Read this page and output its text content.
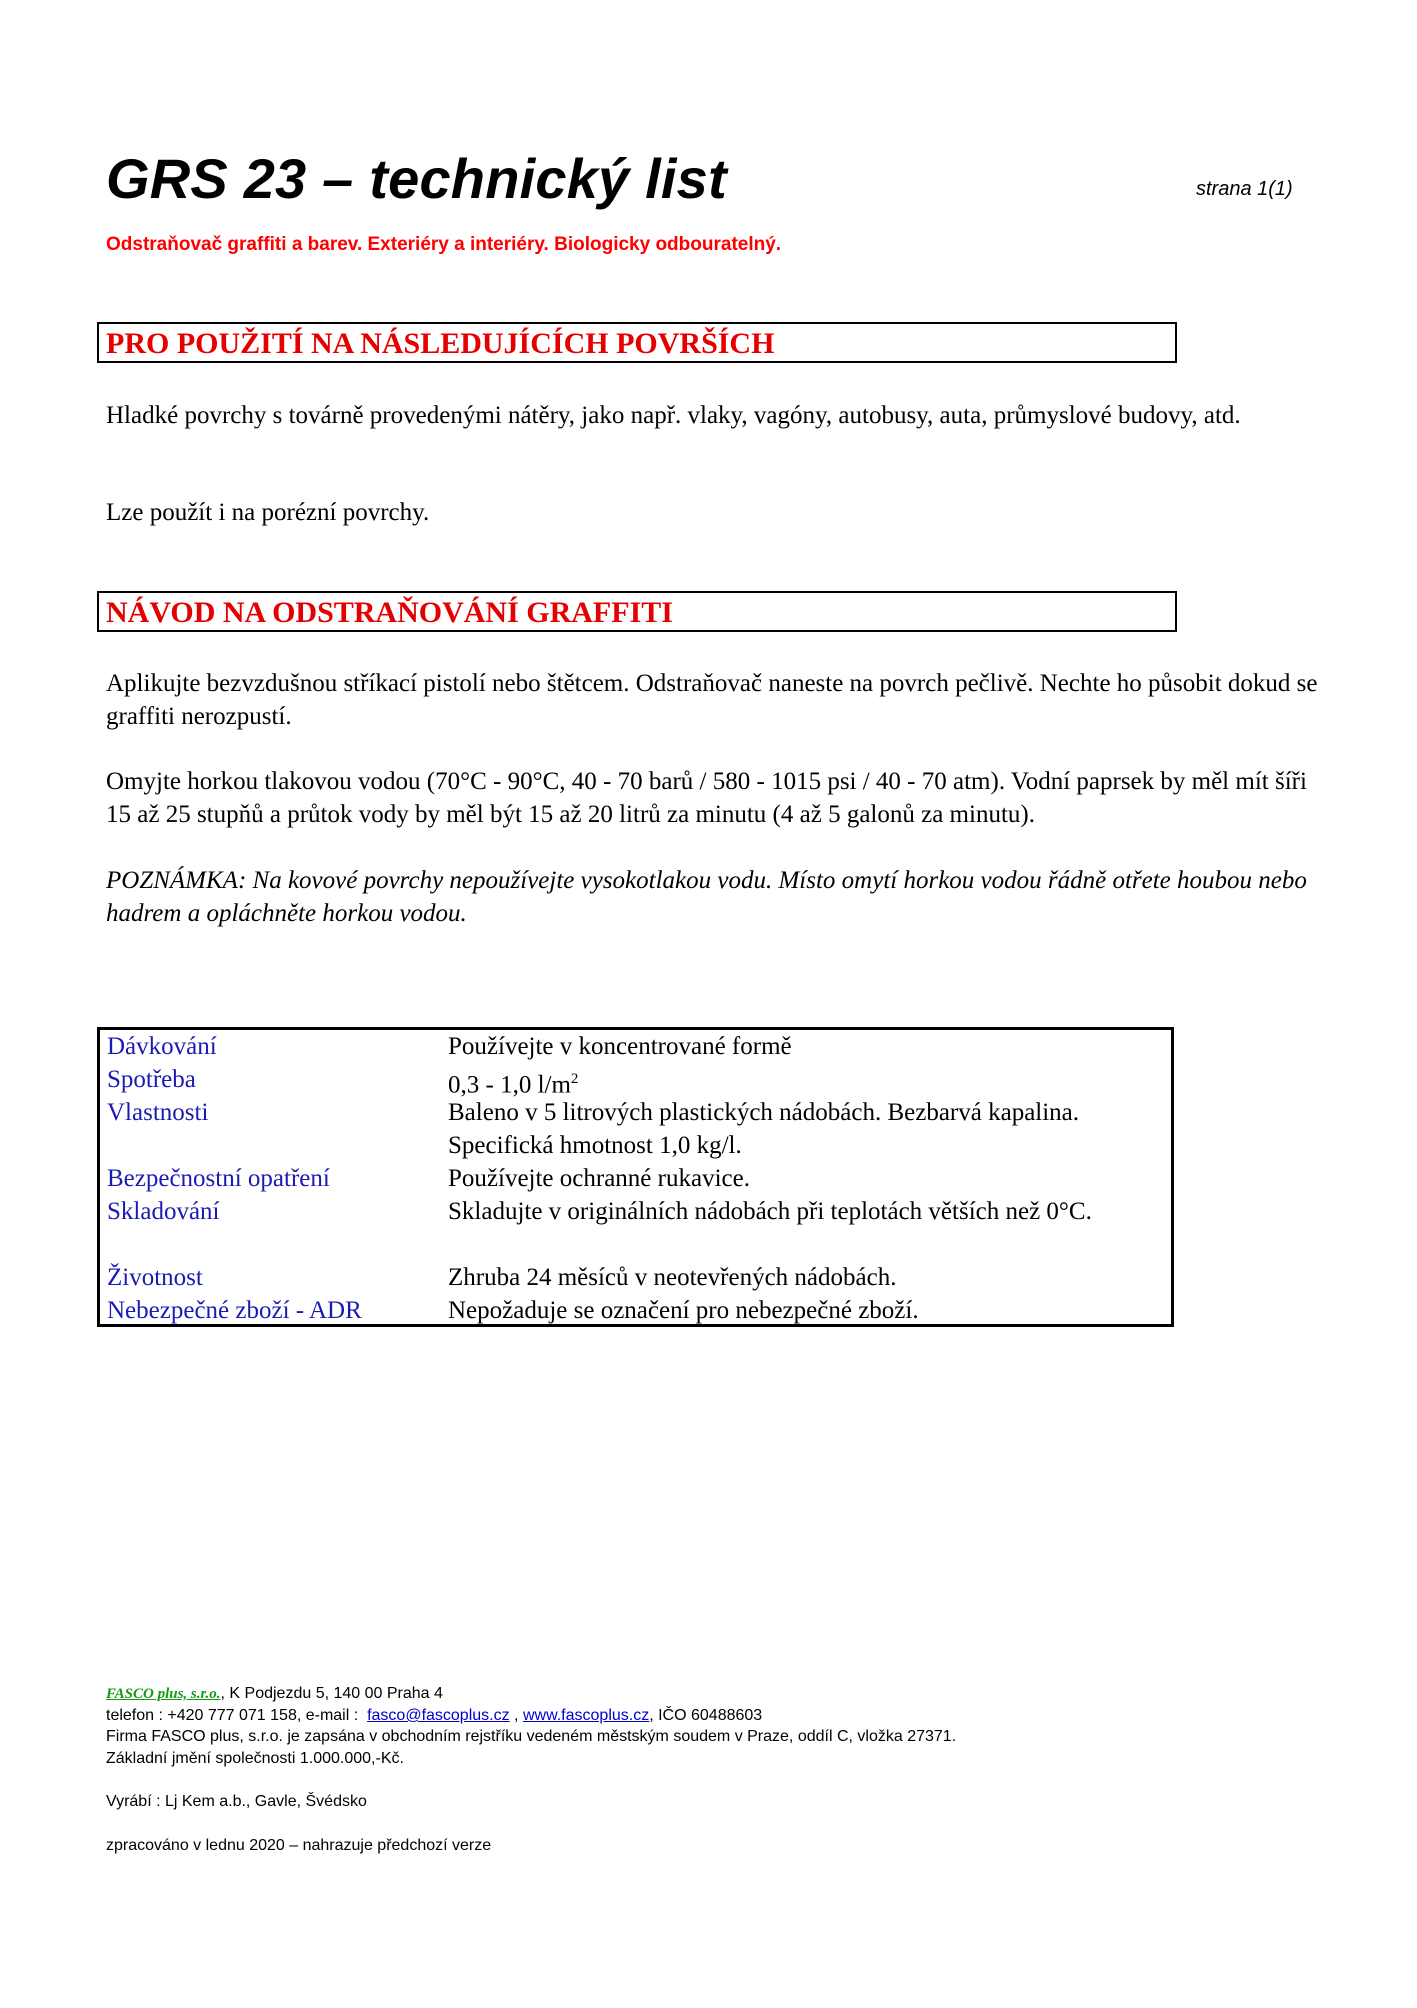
GRS 23 – technický list	strana 1(1)
Odstraňovač graffiti a barev. Exteriéry a interiéry. Biologicky odbouratelný.
PRO POUŽITÍ NA NÁSLEDUJÍCÍCH POVRŠÍCH
Hladké povrchy s továrně provedenými nátěry, jako např. vlaky, vagóny, autobusy, auta, průmyslové budovy, atd.
Lze použít i na porézní povrchy.
NÁVOD NA ODSTRAŇOVÁNÍ GRAFFITI
Aplikujte bezvzdušnou stříkací pistolí nebo štětcem. Odstraňovač naneste na povrch pečlivě. Nechte ho působit dokud se graffiti nerozpustí.
Omyjte horkou tlakovou vodou (70°C - 90°C, 40 - 70 barů / 580 - 1015 psi / 40 - 70 atm). Vodní paprsek by měl mít šíři 15 až 25 stupňů a průtok vody by měl být 15 až 20 litrů za minutu (4 až 5 galonů za minutu).
POZNÁMKA: Na kovové povrchy nepoužívejte vysokotlakou vodu. Místo omytí horkou vodou řádně otřete houbou nebo hadrem a opláchněte horkou vodou.
Dávkování	Používejte v koncentrované formě
Spotřeba	0,3 - 1,0 $l/m^2$
Vlastnosti	Baleno v 5 litrových plastických nádobách. Bezbarvá kapalina. Specifická hmotnost 1,0 kg/l.
Bezpečnostní opatření	Používejte ochranné rukavice.
Skladování	Skladujte v originálních nádobách při teplotách větších než 0°C.
Životnost	Zhruba 24 měsíců v neotevřených nádobách.
Nebezpečné zboží - ADR	Nepožaduje se označení pro nebezpečné zboží.
FASCO plus, s.r.o., K Podjezdu 5, 140 00 Praha 4
telefon : +420 777 071 158, e-mail :  fasco@fascoplus.cz , www.fascoplus.cz, IČO 60488603
Firma FASCO plus, s.r.o. je zapsána v obchodním rejstříku vedeném městským soudem v Praze, oddíl C, vložka 27371.
Základní jmění společnosti 1.000.000,-Kč.
Vyrábí : Lj Kem a.b., Gavle, Švédsko
zpracováno v lednu 2020 – nahrazuje předchozí verze
